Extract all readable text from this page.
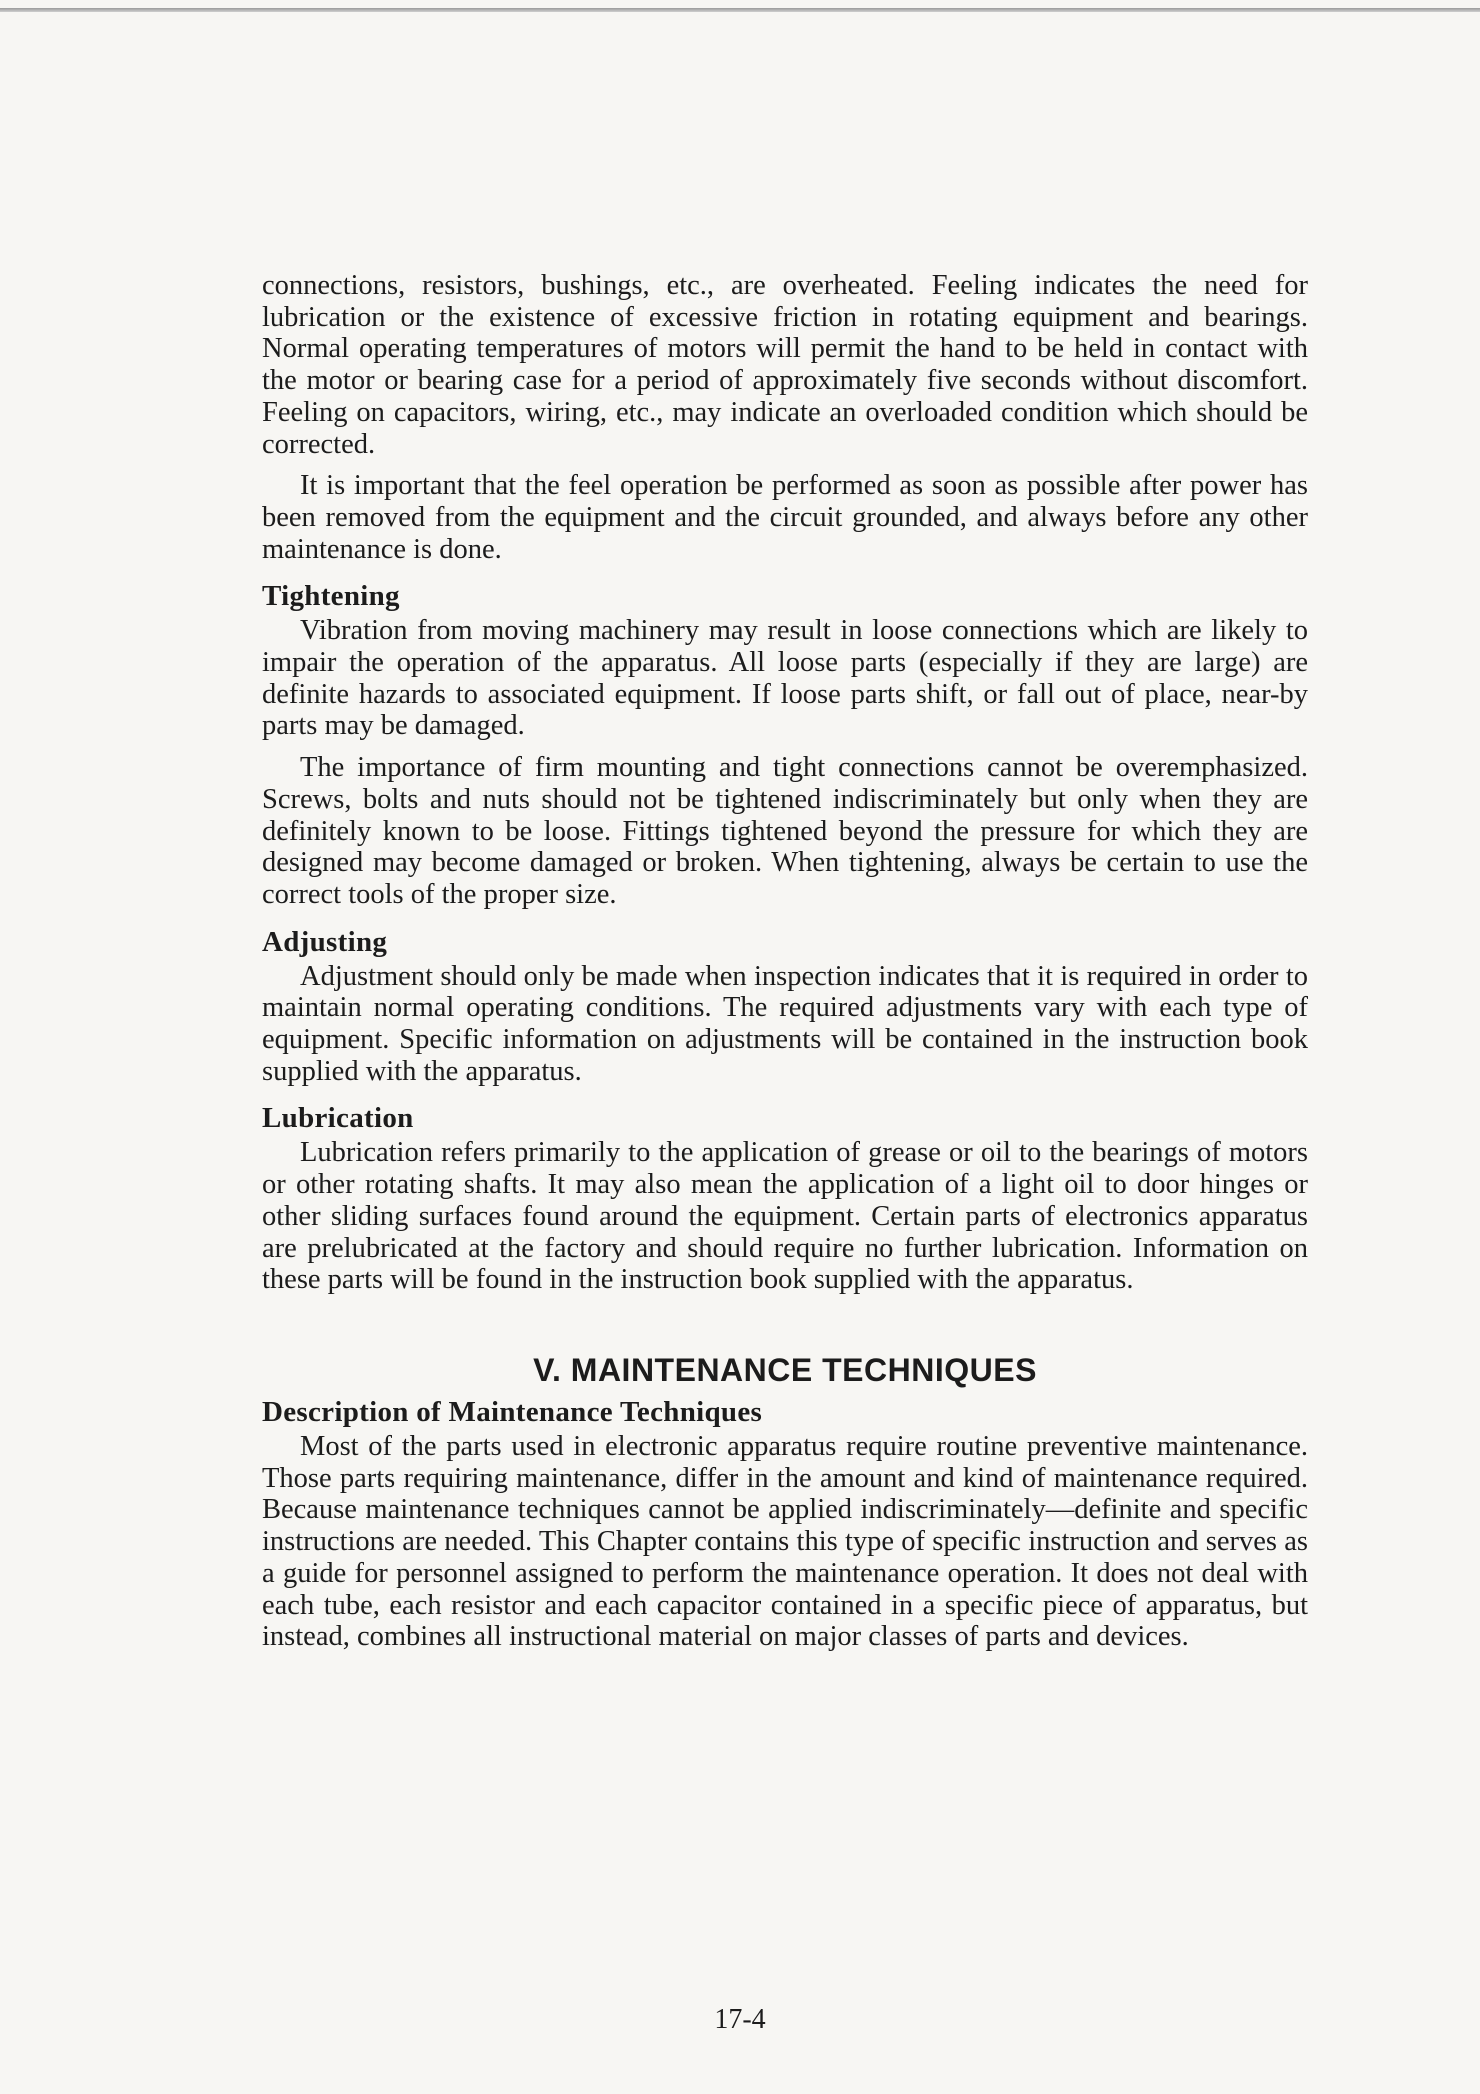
connections, resistors, bushings, etc., are overheated. Feeling indicates the need for lubrication or the existence of excessive friction in rotating equipment and bearings. Normal operating temperatures of motors will permit the hand to be held in contact with the motor or bearing case for a period of approximately five seconds without discomfort. Feeling on capacitors, wiring, etc., may indicate an overloaded condition which should be corrected.

It is important that the feel operation be performed as soon as possible after power has been removed from the equipment and the circuit grounded, and always before any other maintenance is done.

Tightening

Vibration from moving machinery may result in loose connections which are likely to impair the operation of the apparatus. All loose parts (especially if they are large) are definite hazards to associated equipment. If loose parts shift, or fall out of place, near-by parts may be damaged.

The importance of firm mounting and tight connections cannot be overemphasized. Screws, bolts and nuts should not be tightened indiscriminately but only when they are definitely known to be loose. Fittings tightened beyond the pressure for which they are designed may become damaged or broken. When tightening, always be certain to use the correct tools of the proper size.

Adjusting

Adjustment should only be made when inspection indicates that it is required in order to maintain normal operating conditions. The required adjustments vary with each type of equipment. Specific information on adjustments will be contained in the instruction book supplied with the apparatus.

Lubrication

Lubrication refers primarily to the application of grease or oil to the bearings of motors or other rotating shafts. It may also mean the application of a light oil to door hinges or other sliding surfaces found around the equipment. Certain parts of electronics apparatus are prelubricated at the factory and should require no further lubrication. Information on these parts will be found in the instruction book supplied with the apparatus.

V. MAINTENANCE TECHNIQUES
Description of Maintenance Techniques

Most of the parts used in electronic apparatus require routine preventive maintenance. Those parts requiring maintenance, differ in the amount and kind of maintenance required. Because maintenance techniques cannot be applied indiscriminately—definite and specific instructions are needed. This Chapter contains this type of specific instruction and serves as a guide for personnel assigned to perform the maintenance operation. It does not deal with each tube, each resistor and each capacitor contained in a specific piece of apparatus, but instead, combines all instructional material on major classes of parts and devices.

17-4
